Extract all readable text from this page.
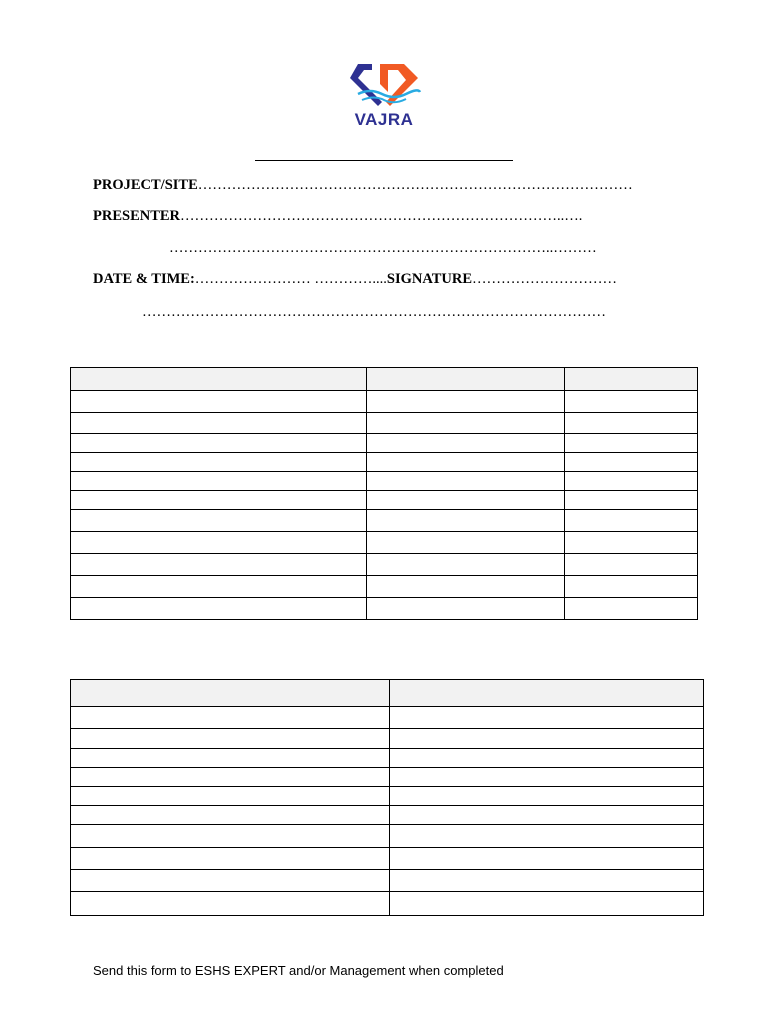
VAJRA
PROJECT/SITE………………………………………………………………………………
PRESENTER……………………………………………………………………..….
……………………………………………………………………..………
DATE & TIME:…………………… …………....SIGNATURE…………………………
……………………………………………………………………………………

Send this form to ESHS EXPERT and/or Management when completed
